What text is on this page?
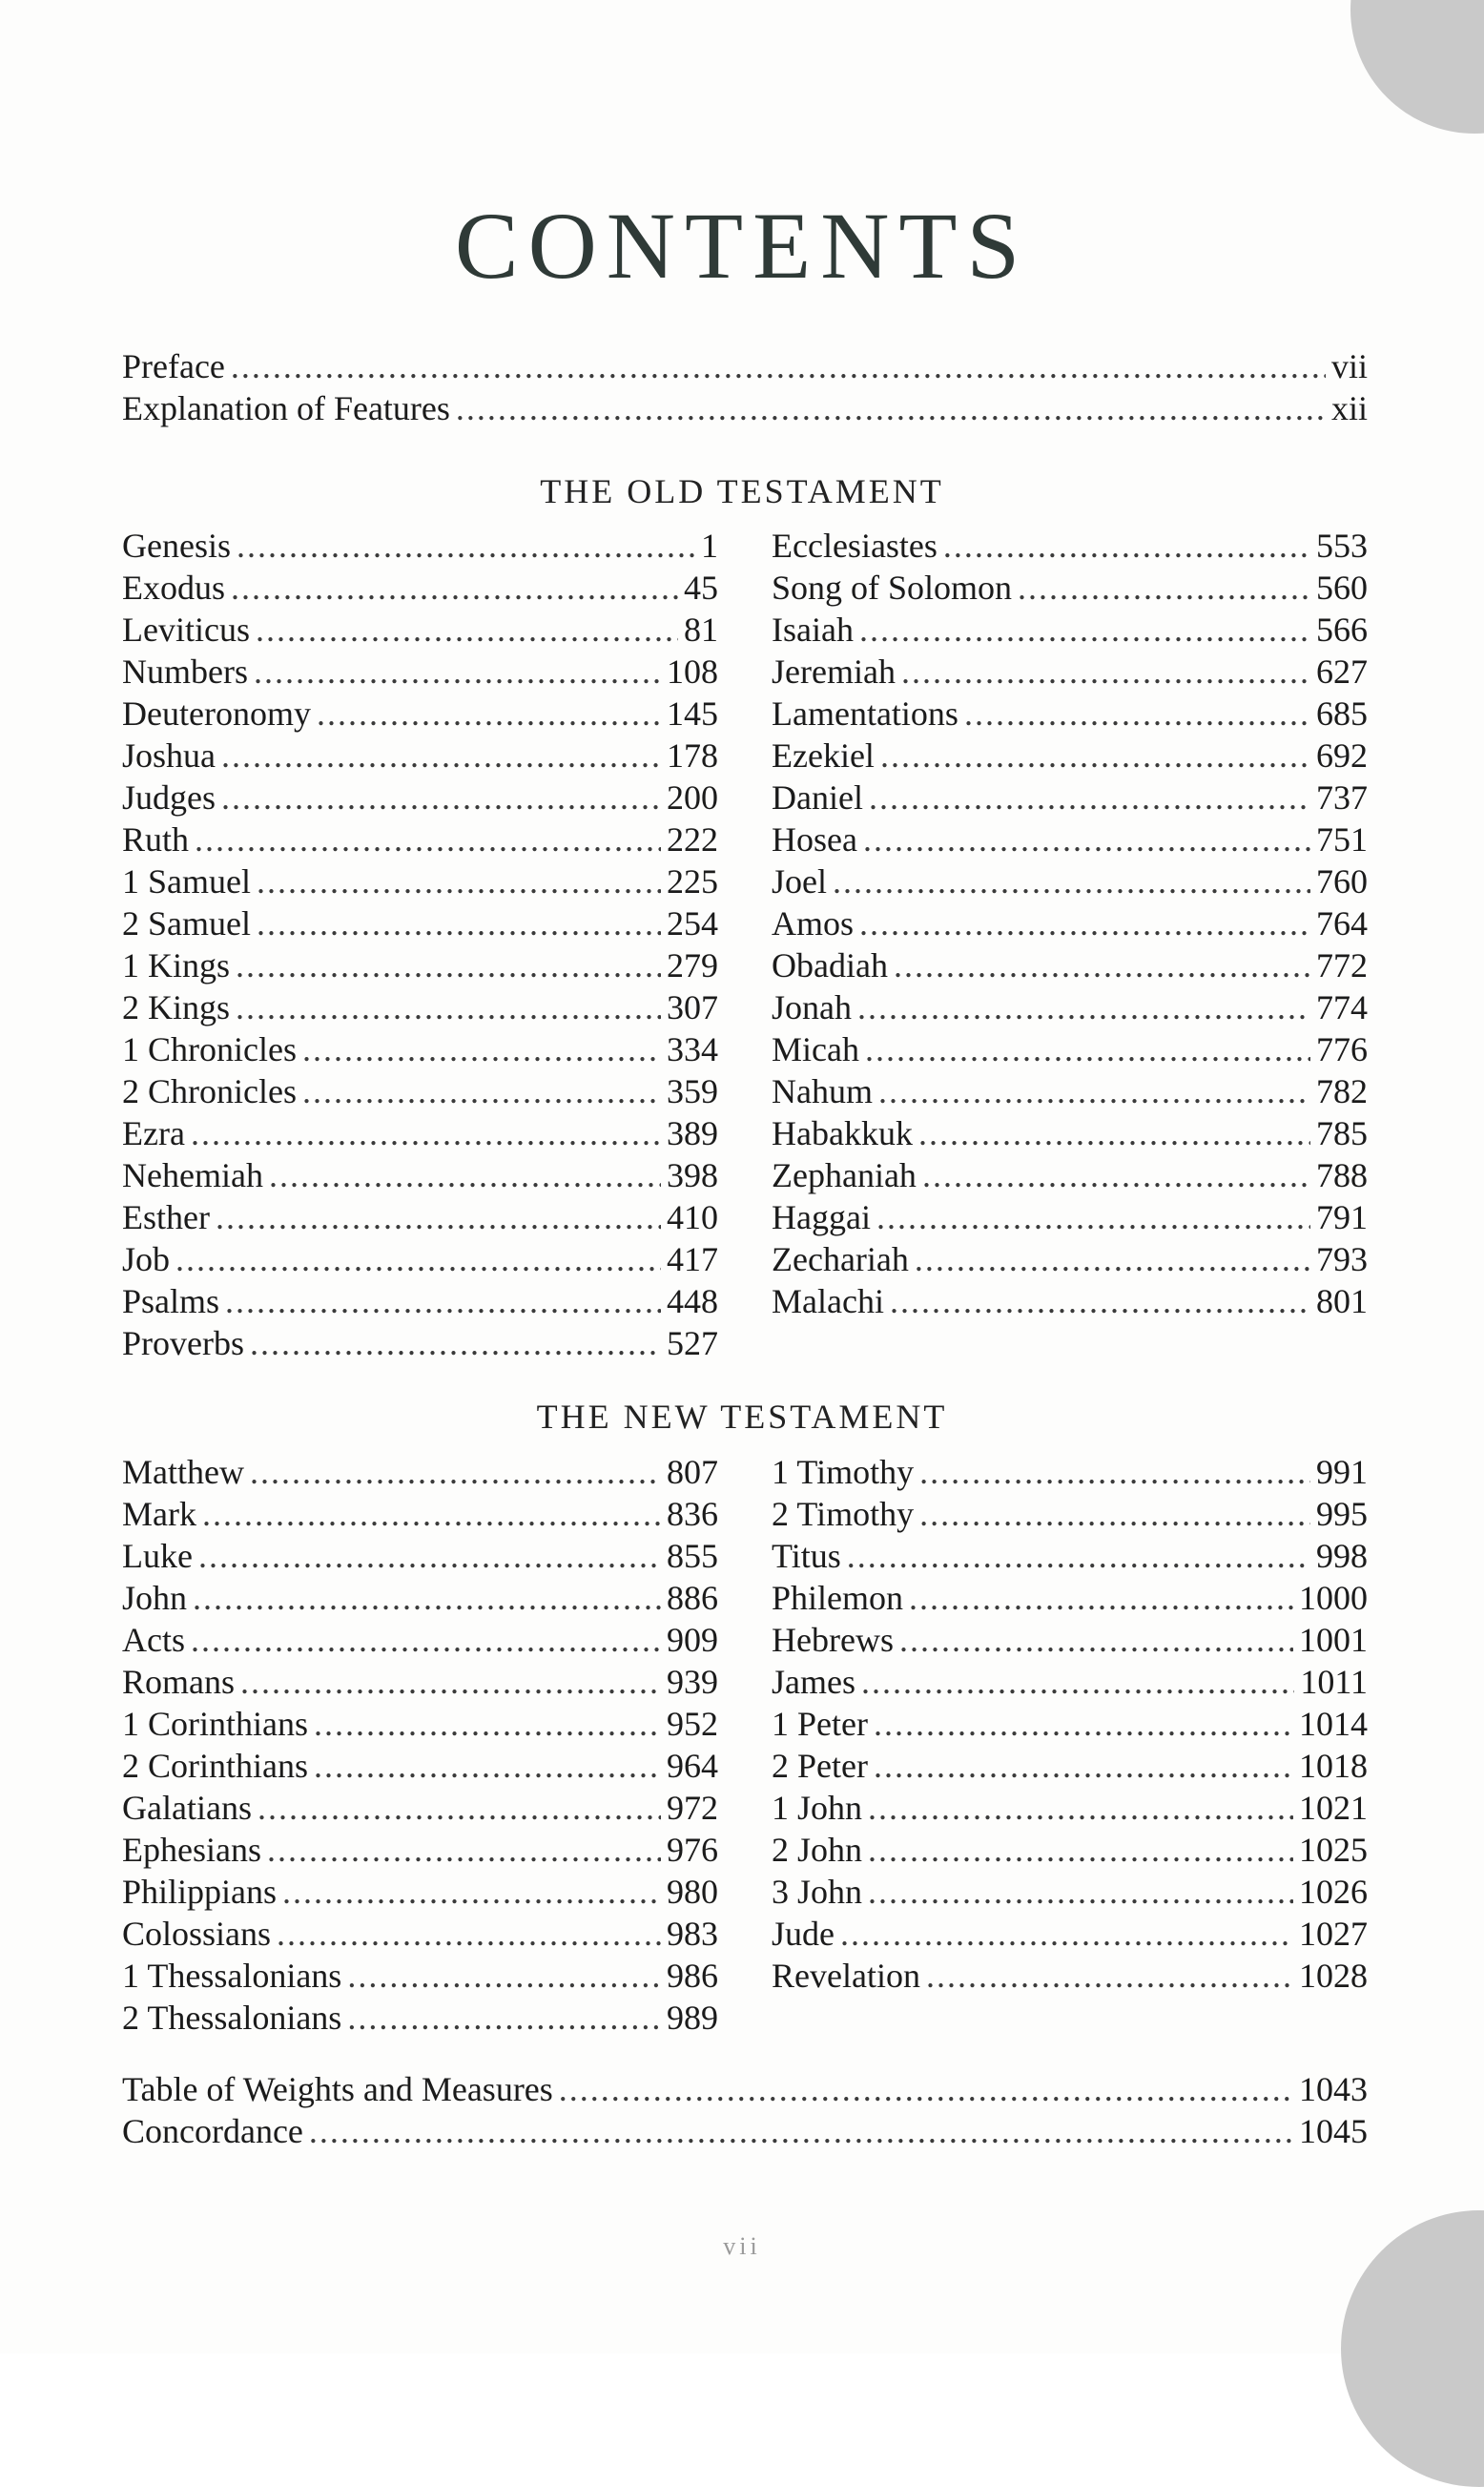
CONTENTS
Preface .....	vii
Explanation of Features .....	xii
THE OLD TESTAMENT
Genesis .....	1
Exodus .....	45
Leviticus .....	81
Numbers .....	108
Deuteronomy .....	145
Joshua .....	178
Judges .....	200
Ruth .....	222
1 Samuel .....	225
2 Samuel .....	254
1 Kings .....	279
2 Kings .....	307
1 Chronicles .....	334
2 Chronicles .....	359
Ezra .....	389
Nehemiah .....	398
Esther .....	410
Job .....	417
Psalms .....	448
Proverbs .....	527
Ecclesiastes .....	553
Song of Solomon .....	560
Isaiah .....	566
Jeremiah .....	627
Lamentations .....	685
Ezekiel .....	692
Daniel .....	737
Hosea .....	751
Joel .....	760
Amos .....	764
Obadiah .....	772
Jonah .....	774
Micah .....	776
Nahum .....	782
Habakkuk .....	785
Zephaniah .....	788
Haggai .....	791
Zechariah .....	793
Malachi .....	801
THE NEW TESTAMENT
Matthew .....	807
Mark .....	836
Luke .....	855
John .....	886
Acts .....	909
Romans .....	939
1 Corinthians .....	952
2 Corinthians .....	964
Galatians .....	972
Ephesians .....	976
Philippians .....	980
Colossians .....	983
1 Thessalonians .....	986
2 Thessalonians .....	989
1 Timothy .....	991
2 Timothy .....	995
Titus .....	998
Philemon .....	1000
Hebrews .....	1001
James .....	1011
1 Peter .....	1014
2 Peter .....	1018
1 John .....	1021
2 John .....	1025
3 John .....	1026
Jude .....	1027
Revelation .....	1028
Table of Weights and Measures .....	1043
Concordance .....	1045
vii
